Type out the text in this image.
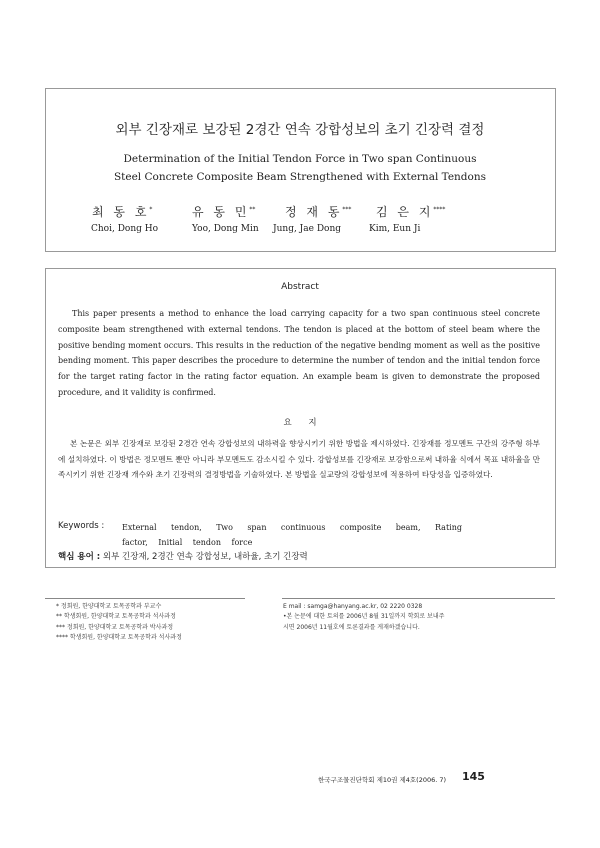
외부 긴장재로 보강된 2경간 연속 강합성보의 초기 긴장력 결정
Determination of the Initial Tendon Force in Two span Continuous
Steel Concrete Composite Beam Strengthened with External Tendons
최 동 호*	유 동 민** 정 재 동*** 김 은 지****
Choi, Dong Ho	Yoo, Dong Min Jung, Jae Dong	Kim, Eun Ji
Abstract

This paper presents a method to enhance the load carrying capacity for a two span continuous steel concrete composite beam strengthened with external tendons. The tendon is placed at the bottom of steel beam where the positive bending moment occurs. This results in the reduction of the negative bending moment as well as the positive bending moment. This paper describes the procedure to determine the number of tendon and the initial tendon force for the target rating factor in the rating factor equation. An example beam is given to demonstrate the proposed procedure, and it validity is confirmed.

요 지

본 논문은 외부 긴장재로 보강된 2경간 연속 강합성보의 내하력을 향상시키기 위한 방법을 제시하였다. 긴장재를 정모멘트 구간의 강주형 하부에 설치하였다. 이 방법은 정모멘트 뿐만 아니라 부모멘트도 감소시킬 수 있다. 강합성보를 긴장재로 보강함으로써 내하율 식에서 목표 내하율을 만족시키기 위한 긴장재 개수와 초기 긴장력의 결정방법을 기술하였다. 본 방법을 실교량의 강합성보에 적용하여 타당성을 입증하였다.

Keywords : External tendon, Two span continuous composite beam, Rating factor, Initial tendon force
핵심 용어 : 외부 긴장재, 2경간 연속 강합성보, 내하율, 초기 긴장력
* 정회원, 한양대학교 토목공학과 부교수
** 학생회원, 한양대학교 토목공학과 석사과정
*** 정회원, 한양대학교 토목공학과 박사과정
**** 학생회원, 한양대학교 토목공학과 석사과정
E mail : samga@hanyang.ac.kr, 02 2220 0328
•본 논문에 대한 토의를 2006년 8월 31일까지 학회로 보내주
시면 2006년 11월호에 토론결과를 게재하겠습니다.
한국구조물진단학회 제10권 제4호(2006. 7) 145
